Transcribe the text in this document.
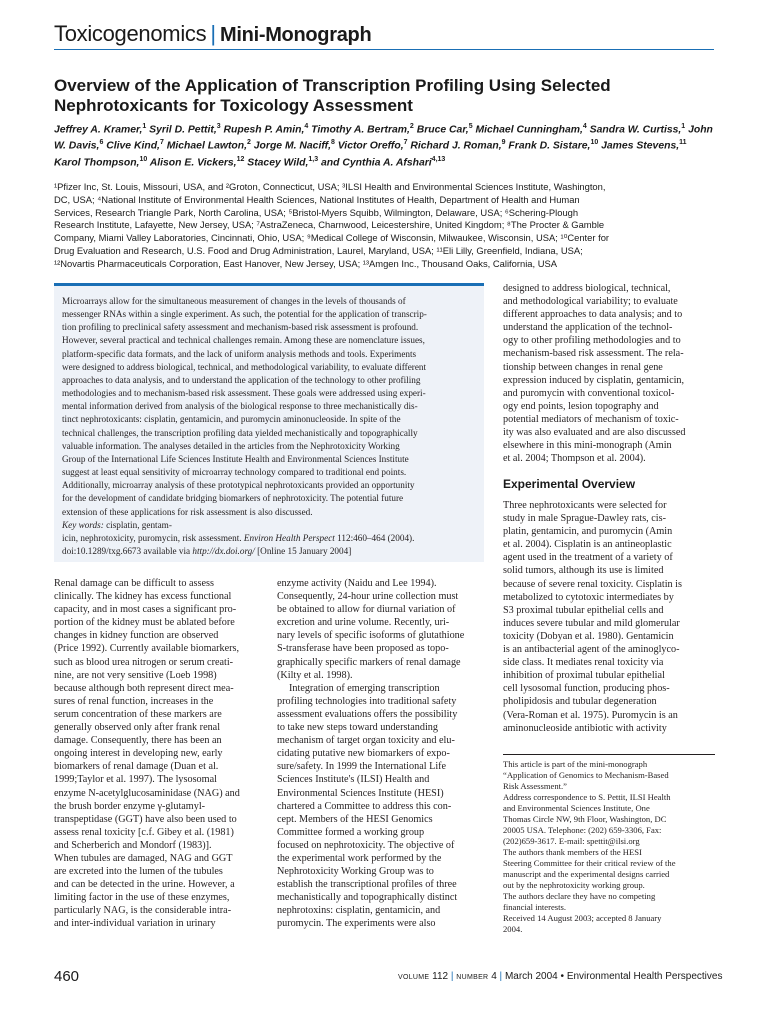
Toxicogenomics | Mini-Monograph
Overview of the Application of Transcription Profiling Using Selected Nephrotoxicants for Toxicology Assessment
Jeffrey A. Kramer,$^1$ Syril D. Pettit,$^3$ Rupesh P. Amin,$^4$ Timothy A. Bertram,$^2$ Bruce Car,$^5$ Michael Cunningham,$^4$ Sandra W. Curtiss,$^1$ John W. Davis,$^6$ Clive Kind,$^7$ Michael Lawton,$^2$ Jorge M. Naciff,$^8$ Victor Oreffo,$^7$ Richard J. Roman,$^9$ Frank D. Sistare,$^{10}$ James Stevens,$^{11}$ Karol Thompson,$^{10}$ Alison E. Vickers,$^{12}$ Stacey Wild,$^{1,3}$ and Cynthia A. Afshari$^{4,13}$
¹Pfizer Inc, St. Louis, Missouri, USA, and ²Groton, Connecticut, USA; ³ILSI Health and Environmental Sciences Institute, Washington,
DC, USA; ⁴National Institute of Environmental Health Sciences, National Institutes of Health, Department of Health and Human
Services, Research Triangle Park, North Carolina, USA; ⁵Bristol-Myers Squibb, Wilmington, Delaware, USA; ⁶Schering-Plough
Research Institute, Lafayette, New Jersey, USA; ⁷AstraZeneca, Charnwood, Leicestershire, United Kingdom; ⁸The Procter & Gamble
Company, Miami Valley Laboratories, Cincinnati, Ohio, USA; ⁹Medical College of Wisconsin, Milwaukee, Wisconsin, USA; ¹⁰Center for
Drug Evaluation and Research, U.S. Food and Drug Administration, Laurel, Maryland, USA; ¹¹Eli Lilly, Greenfield, Indiana, USA;
¹²Novartis Pharmaceuticals Corporation, East Hanover, New Jersey, USA; ¹³Amgen Inc., Thousand Oaks, California, USA
Microarrays allow for the simultaneous measurement of changes in the levels of thousands of
messenger RNAs within a single experiment. As such, the potential for the application of transcrip-
tion profiling to preclinical safety assessment and mechanism-based risk assessment is profound.
However, several practical and technical challenges remain. Among these are nomenclature issues,
platform-specific data formats, and the lack of uniform analysis methods and tools. Experiments
were designed to address biological, technical, and methodological variability, to evaluate different
approaches to data analysis, and to understand the application of the technology to other profiling
methodologies and to mechanism-based risk assessment. These goals were addressed using experi-
mental information derived from analysis of the biological response to three mechanistically dis-
tinct nephrotoxicants: cisplatin, gentamicin, and puromycin aminonucleoside. In spite of the
technical challenges, the transcription profiling data yielded mechanistically and topographically
valuable information. The analyses detailed in the articles from the Nephrotoxicity Working
Group of the International Life Sciences Institute Health and Environmental Sciences Institute
suggest at least equal sensitivity of microarray technology compared to traditional end points.
Additionally, microarray analysis of these prototypical nephrotoxicants provided an opportunity
for the development of candidate bridging biomarkers of nephrotoxicity. The potential future
extension of these applications for risk assessment is also discussed.
Key words: cisplatin, gentam-
icin, nephrotoxicity, puromycin, risk assessment. Environ Health Perspect 112:460–464 (2004).
doi:10.1289/txg.6673 available via http://dx.doi.org/ [Online 15 January 2004]
Renal damage can be difficult to assess
clinically. The kidney has excess functional
capacity, and in most cases a significant pro-
portion of the kidney must be ablated before
changes in kidney function are observed
(Price 1992). Currently available biomarkers,
such as blood urea nitrogen or serum creati-
nine, are not very sensitive (Loeb 1998)
because although both represent direct mea-
sures of renal function, increases in the
serum concentration of these markers are
generally observed only after frank renal
damage. Consequently, there has been an
ongoing interest in developing new, early
biomarkers of renal damage (Duan et al.
1999;Taylor et al. 1997). The lysosomal
enzyme N-acetylglucosaminidase (NAG) and
the brush border enzyme γ-glutamyl-
transpeptidase (GGT) have also been used to
assess renal toxicity [c.f. Gibey et al. (1981)
and Scherberich and Mondorf (1983)].
When tubules are damaged, NAG and GGT
are excreted into the lumen of the tubules
and can be detected in the urine. However, a
limiting factor in the use of these enzymes,
particularly NAG, is the considerable intra-
and inter-individual variation in urinary
enzyme activity (Naidu and Lee 1994).
Consequently, 24-hour urine collection must
be obtained to allow for diurnal variation of
excretion and urine volume. Recently, uri-
nary levels of specific isoforms of glutathione
S-transferase have been proposed as topo-
graphically specific markers of renal damage
(Kilty et al. 1998).
Integration of emerging transcription
profiling technologies into traditional safety
assessment evaluations offers the possibility
to take new steps toward understanding
mechanism of target organ toxicity and elu-
cidating putative new biomarkers of expo-
sure/safety. In 1999 the International Life
Sciences Institute's (ILSI) Health and
Environmental Sciences Institute (HESI)
chartered a Committee to address this con-
cept. Members of the HESI Genomics
Committee formed a working group
focused on nephrotoxicity. The objective of
the experimental work performed by the
Nephrotoxicity Working Group was to
establish the transcriptional profiles of three
mechanistically and topographically distinct
nephrotoxins: cisplatin, gentamicin, and
puromycin. The experiments were also
designed to address biological, technical,
and methodological variability; to evaluate
different approaches to data analysis; and to
understand the application of the technol-
ogy to other profiling methodologies and to
mechanism-based risk assessment. The rela-
tionship between changes in renal gene
expression induced by cisplatin, gentamicin,
and puromycin with conventional toxicol-
ogy end points, lesion topography and
potential mediators of mechanism of toxic-
ity was also evaluated and are also discussed
elsewhere in this mini-monograph (Amin
et al. 2004; Thompson et al. 2004).
Experimental Overview
Three nephrotoxicants were selected for
study in male Sprague-Dawley rats, cis-
platin, gentamicin, and puromycin (Amin
et al. 2004). Cisplatin is an antineoplastic
agent used in the treatment of a variety of
solid tumors, although its use is limited
because of severe renal toxicity. Cisplatin is
metabolized to cytotoxic intermediates by
S3 proximal tubular epithelial cells and
induces severe tubular and mild glomerular
toxicity (Dobyan et al. 1980). Gentamicin
is an antibacterial agent of the aminoglyco-
side class. It mediates renal toxicity via
inhibition of proximal tubular epithelial
cell lysosomal function, producing phos-
pholipidosis and tubular degeneration
(Vera-Roman et al. 1975). Puromycin is an
aminonucleoside antibiotic with activity
This article is part of the mini-monograph
“Application of Genomics to Mechanism-Based
Risk Assessment.”
Address correspondence to S. Pettit, ILSI Health
and Environmental Sciences Institute, One
Thomas Circle NW, 9th Floor, Washington, DC
20005 USA. Telephone: (202) 659-3306, Fax:
(202)659-3617. E-mail: spettit@ilsi.org
The authors thank members of the HESI
Steering Committee for their critical review of the
manuscript and the experimental designs carried
out by the nephrotoxicity working group.
The authors declare they have no competing
financial interests.
Received 14 August 2003; accepted 8 January
2004.
460	VOLUME 112 | NUMBER 4 | March 2004 • Environmental Health Perspectives
